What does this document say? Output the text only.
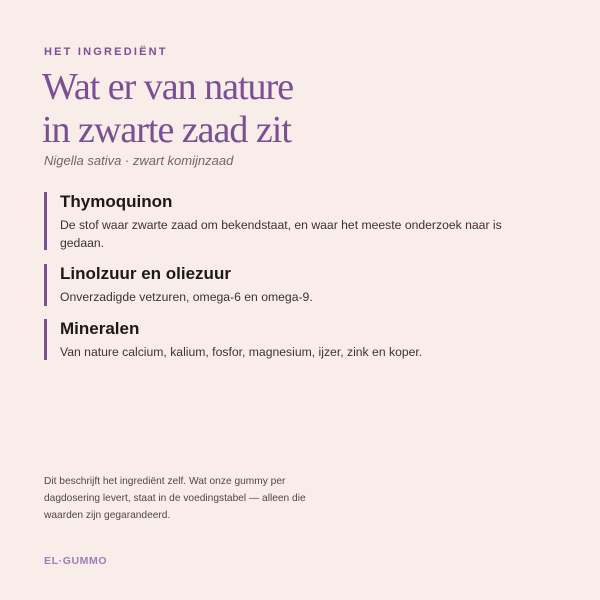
HET INGREDIËNT

Wat er van nature
in zwarte zaad zit

Nigella sativa · zwart komijnzaad

Thymoquinon

De stof waar zwarte zaad om bekendstaat, en waar het meeste onderzoek naar is gedaan.

Linolzuur en oliezuur

Onverzadigde vetzuren, omega-6 en omega-9.

Mineralen

Van nature calcium, kalium, fosfor, magnesium, ijzer, zink en koper.

Dit beschrijft het ingrediënt zelf. Wat onze gummy per dagdosering levert, staat in de voedingstabel — alleen die waarden zijn gegarandeerd.

EL·GUMMO
